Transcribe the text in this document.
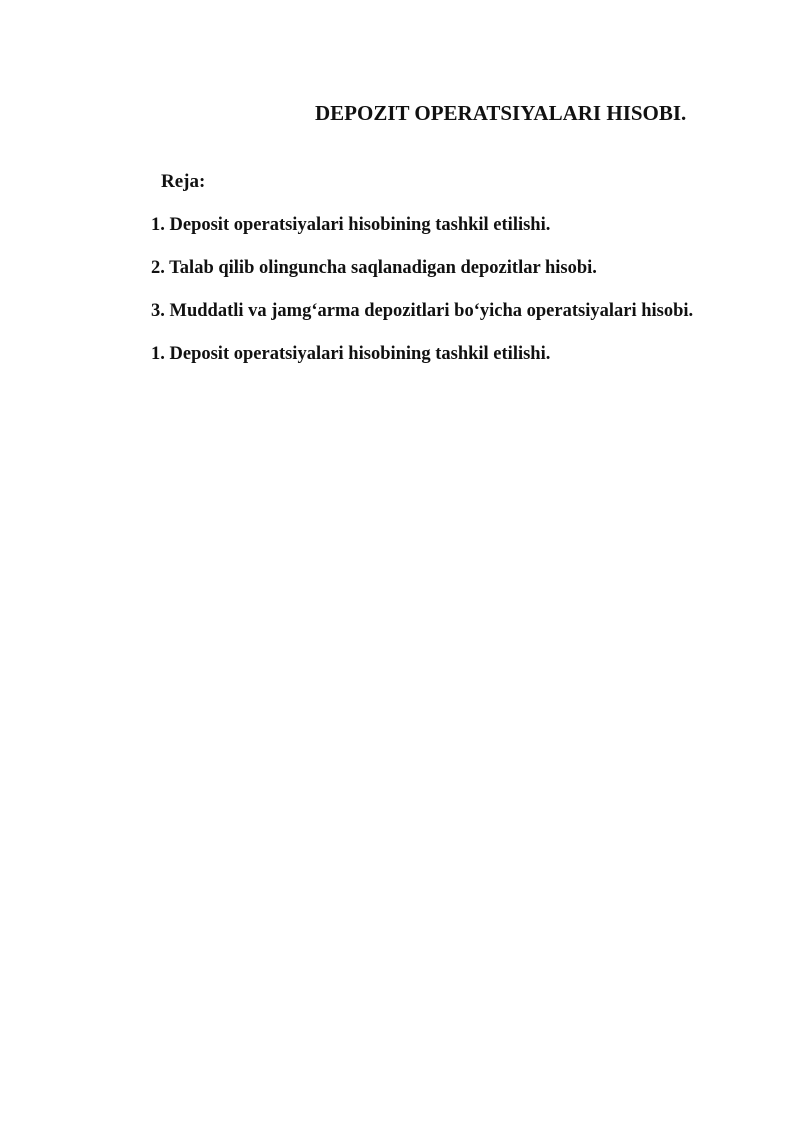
DEPOZIT OPERATSIYALARI HISOBI.
Reja:
1. Deposit operatsiyalari hisobining tashkil etilishi.
2. Talab qilib olinguncha saqlanadigan depozitlar hisobi.
3. Muddatli va jamg‘arma depozitlari bo‘yicha operatsiyalari hisobi.
1. Deposit operatsiyalari hisobining tashkil etilishi.
